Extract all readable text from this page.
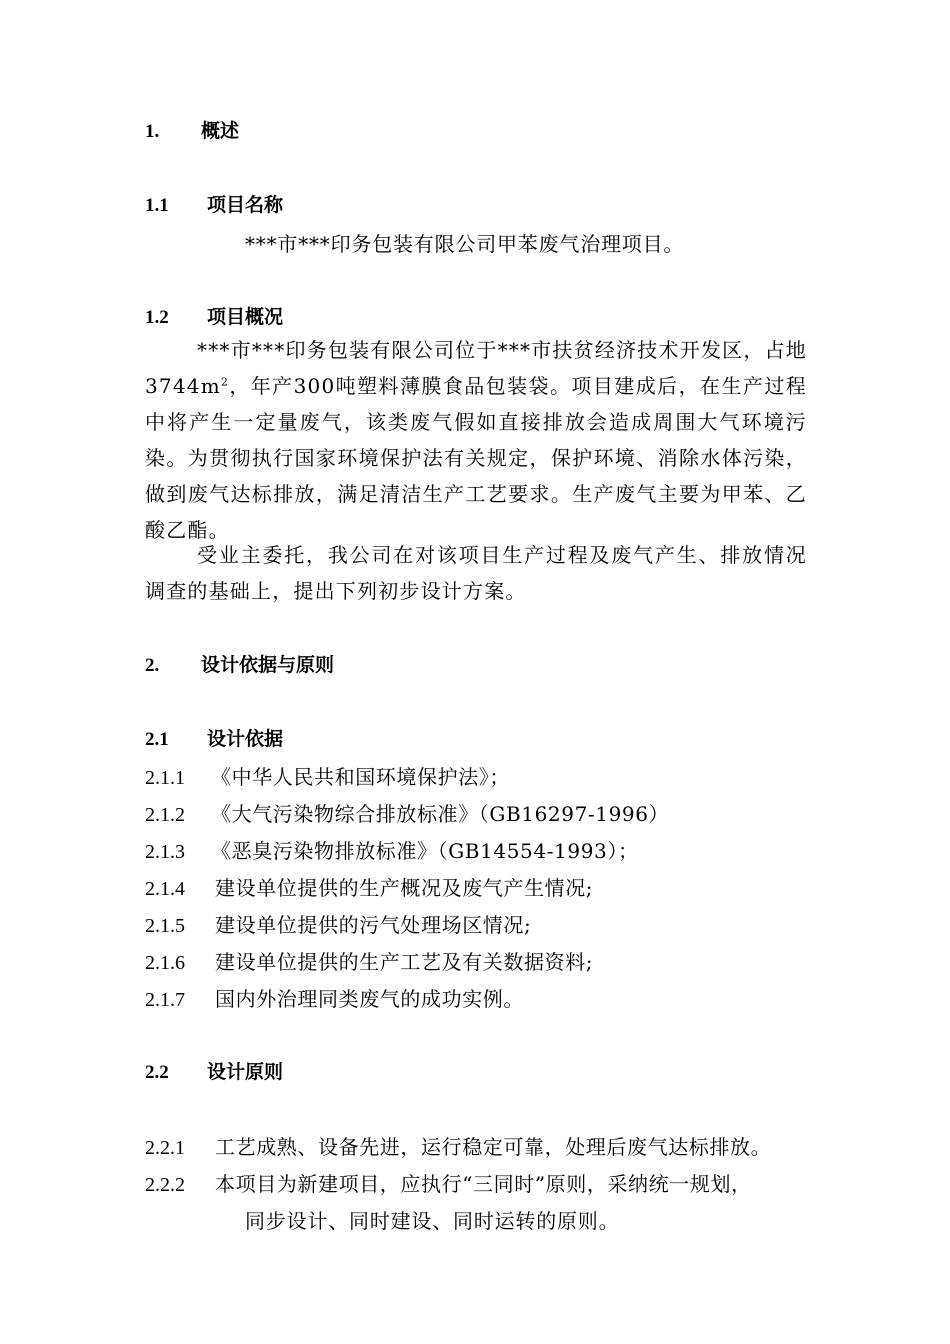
1. 概述
1.1 项目名称
***市***印务包装有限公司甲苯废气治理项目。
1.2 项目概况

***市***印务包装有限公司位于***市扶贫经济技术开发区，占地$3744m^2$，年产300吨塑料薄膜食品包装袋。项目建成后，在生产过程中将产生一定量废气，该类废气假如直接排放会造成周围大气环境污染。为贯彻执行国家环境保护法有关规定，保护环境、消除水体污染，做到废气达标排放，满足清洁生产工艺要求。生产废气主要为甲苯、乙酸乙酯。

受业主委托，我公司在对该项目生产过程及废气产生、排放情况调查的基础上，提出下列初步设计方案。

2. 设计依据与原则
2.1 设计依据
2.1.1 《中华人民共和国环境保护法》；
2.1.2 《大气污染物综合排放标准》（GB16297-1996）
2.1.3 《恶臭污染物排放标准》（GB14554-1993）；
2.1.4 建设单位提供的生产概况及废气产生情况;
2.1.5 建设单位提供的污气处理场区情况;
2.1.6 建设单位提供的生产工艺及有关数据资料;
2.1.7 国内外治理同类废气的成功实例。
2.2 设计原则
2.2.1 工艺成熟、设备先进，运行稳定可靠，处理后废气达标排放。
2.2.2 本项目为新建项目，应执行“三同时”原则，采纳统一规划，
同步设计、同时建设、同时运转的原则。
